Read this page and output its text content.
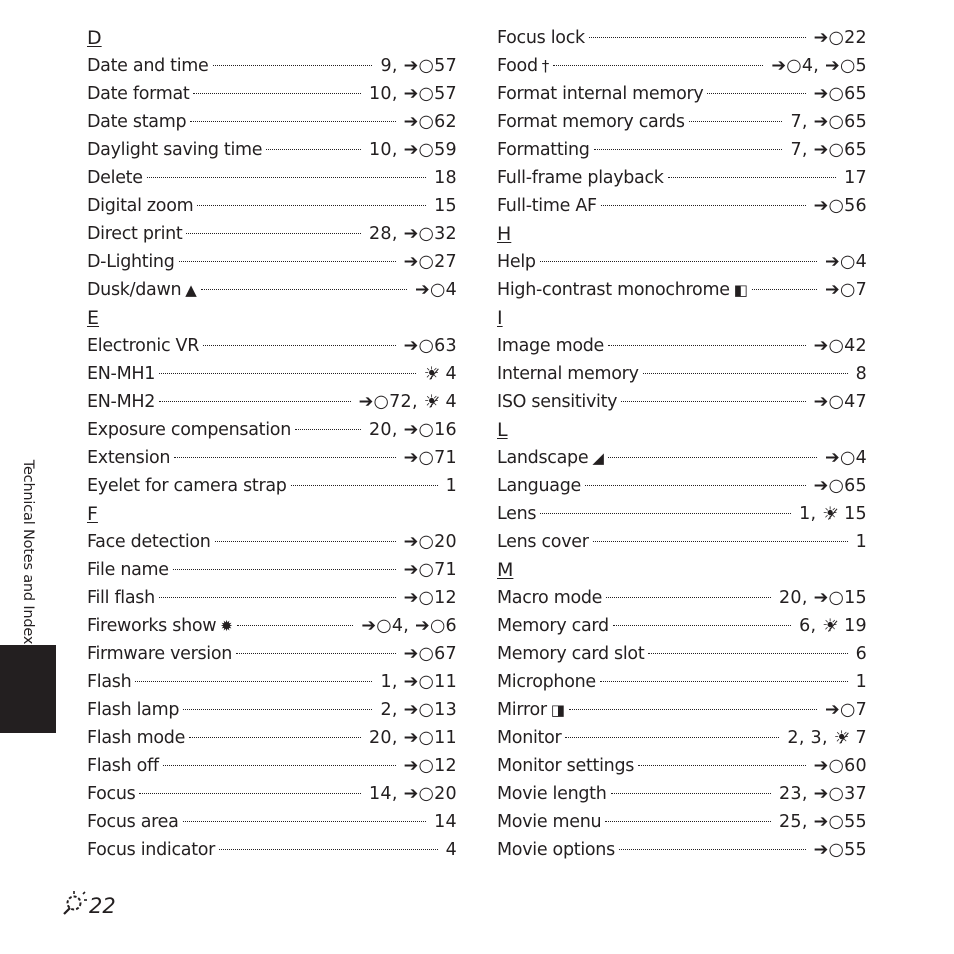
D
Date and time	9, ➔○57
Date format	10, ➔○57
Date stamp	➔○62
Daylight saving time	10, ➔○59
Delete	18
Digital zoom	15
Direct print	28, ➔○32
D-Lighting	➔○27
Dusk/dawn ▲	➔○4
E
Electronic VR	➔○63
EN-MH1	☀̷ 4
EN-MH2	➔○72, ☀̷ 4
Exposure compensation	20, ➔○16
Extension	➔○71
Eyelet for camera strap	1
F
Face detection	➔○20
File name	➔○71
Fill flash	➔○12
Fireworks show ✹	➔○4, ➔○6
Firmware version	➔○67
Flash	1, ➔○11
Flash lamp	2, ➔○13
Flash mode	20, ➔○11
Flash off	➔○12
Focus	14, ➔○20
Focus area	14
Focus indicator	4
Focus lock	➔○22
Food †	➔○4, ➔○5
Format internal memory	➔○65
Format memory cards	7, ➔○65
Formatting	7, ➔○65
Full-frame playback	17
Full-time AF	➔○56
H
Help	➔○4
High-contrast monochrome ◧	➔○7
I
Image mode	➔○42
Internal memory	8
ISO sensitivity	➔○47
L
Landscape ◢	➔○4
Language	➔○65
Lens	1, ☀̷ 15
Lens cover	1
M
Macro mode	20, ➔○15
Memory card	6, ☀̷ 19
Memory card slot	6
Microphone	1
Mirror ◨	➔○7
Monitor	2, 3, ☀̷ 7
Monitor settings	➔○60
Movie length	23, ➔○37
Movie menu	25, ➔○55
Movie options	➔○55
Technical Notes and Index
22
